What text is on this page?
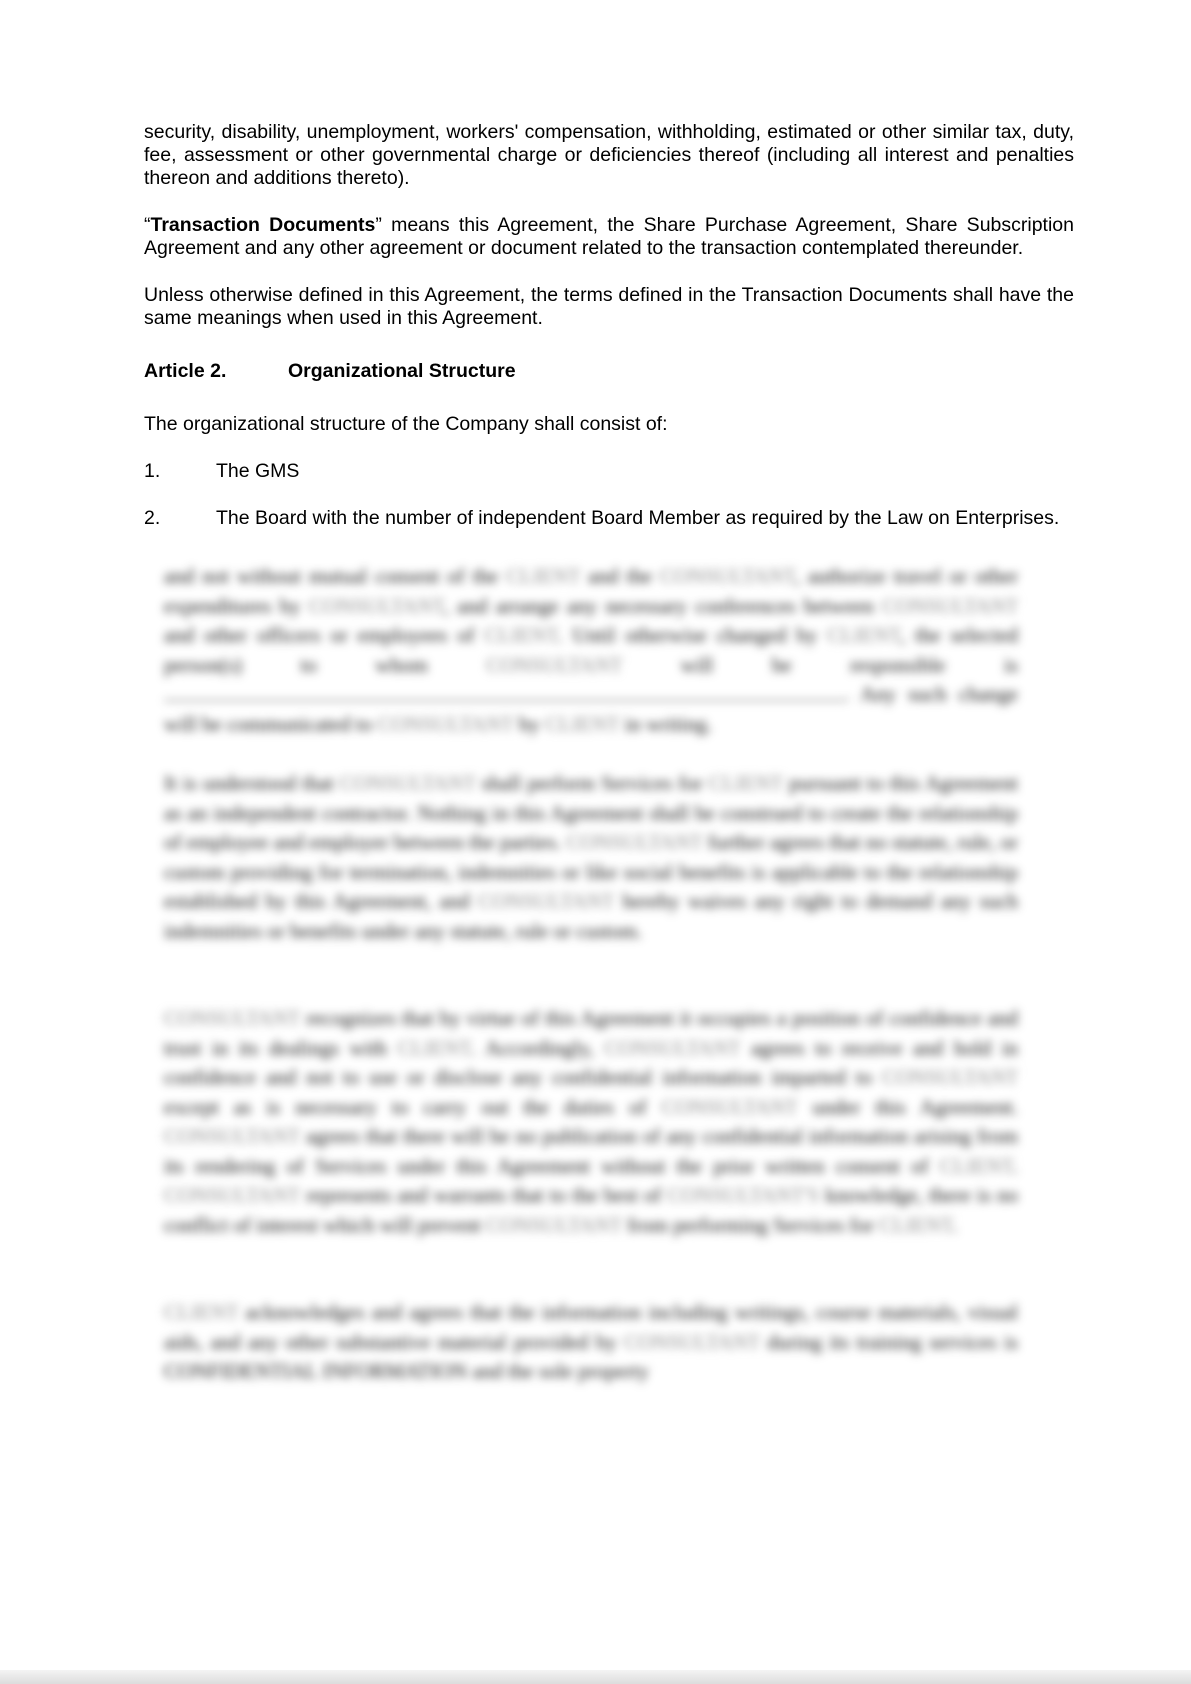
security, disability, unemployment, workers' compensation, withholding, estimated or other similar tax, duty, fee, assessment or other governmental charge or deficiencies thereof (including all interest and penalties thereon and additions thereto).

“Transaction Documents” means this Agreement, the Share Purchase Agreement, Share Subscription Agreement and any other agreement or document related to the transaction contemplated thereunder.

Unless otherwise defined in this Agreement, the terms defined in the Transaction Documents shall have the same meanings when used in this Agreement.

Article 2.	Organizational Structure

The organizational structure of the Company shall consist of:

1.	The GMS
2.	The Board with the number of independent Board Member as required by the Law on Enterprises.

and not without mutual consent of the CLIENT and the CONSULTANT, authorize travel or other expenditures by CONSULTANT, and arrange any necessary conferences between CONSULTANT and other officers or employees of CLIENT. Until otherwise changed by CLIENT, the selected person(s) to whom	CONSULTANT	will be responsible is . Any such change will be communicated to CONSULTANT by CLIENT in writing.

It is understood that CONSULTANT shall perform Services for CLIENT pursuant to this Agreement as an independent contractor. Nothing in this Agreement shall be construed to create the relationship of employee and employer between the parties. CONSULTANT further agrees that no statute, rule, or custom providing for termination, indemnities or like social benefits is applicable to the relationship established by this Agreement, and CONSULTANT hereby waives any right to demand any such indemnities or benefits under any statute, rule or custom.

CONSULTANT recognizes that by virtue of this Agreement it occupies a position of confidence and trust in its dealings with CLIENT. Accordingly, CONSULTANT agrees to receive and hold in confidence and not to use or disclose any confidential information imparted to CONSULTANT except as is necessary to carry out the duties of CONSULTANT under this Agreement. CONSULTANT agrees that there will be no publication of any confidential information arising from its rendering of Services under this Agreement without the prior written consent of CLIENT. CONSULTANT represents and warrants that to the best of CONSULTANT'S knowledge, there is no conflict of interest which will prevent CONSULTANT from performing Services for CLIENT.

CLIENT acknowledges and agrees that the information including writings, course materials, visual aids, and any other substantive material provided by CONSULTANT during its training services is CONFIDENTIAL INFORMATION and the sole property
